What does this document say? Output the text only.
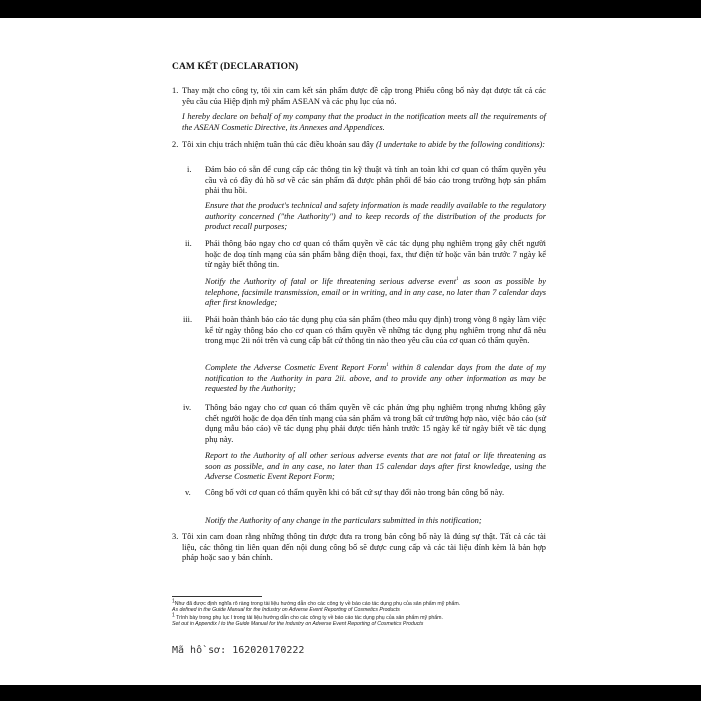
CAM KẾT (DECLARATION)
1. Thay mặt cho công ty, tôi xin cam kết sản phẩm được đề cập trong Phiếu công bố này đạt được tất cả các yêu cầu của Hiệp định mỹ phẩm ASEAN và các phụ lục của nó.
I hereby declare on behalf of my company that the product in the notification meets all the requirements of the ASEAN Cosmetic Directive, its Annexes and Appendices.
2. Tôi xin chịu trách nhiệm tuân thủ các điều khoản sau đây (I undertake to abide by the following conditions):
i. Đảm bảo có sẵn để cung cấp các thông tin kỹ thuật và tính an toàn khi cơ quan có thẩm quyền yêu cầu và có đầy đủ hồ sơ về các sản phẩm đã được phân phối để báo cáo trong trường hợp sản phẩm phải thu hồi.
Ensure that the product's technical and safety information is made readily available to the regulatory authority concerned ("the Authority") and to keep records of the distribution of the products for product recall purposes;
ii. Phải thông báo ngay cho cơ quan có thẩm quyền về các tác dụng phụ nghiêm trọng gây chết người hoặc đe doạ tính mạng của sản phẩm bằng điện thoại, fax, thư điện tử hoặc văn bản trước 7 ngày kể từ ngày biết thông tin.
Notify the Authority of fatal or life threatening serious adverse event$^1$ as soon as possible by telephone, facsimile transmission, email or in writing, and in any case, no later than 7 calendar days after first knowledge;
iii. Phải hoàn thành báo cáo tác dụng phụ của sản phẩm (theo mẫu quy định) trong vòng 8 ngày làm việc kể từ ngày thông báo cho cơ quan có thẩm quyền về những tác dụng phụ nghiêm trọng như đã nêu trong mục 2ii nói trên và cung cấp bất cứ thông tin nào theo yêu cầu của cơ quan có thẩm quyền.
Complete the Adverse Cosmetic Event Report Form$^1$ within 8 calendar days from the date of my notification to the Authority in para 2ii. above, and to provide any other information as may be requested by the Authority;
iv. Thông báo ngay cho cơ quan có thẩm quyền về các phản ứng phụ nghiêm trọng nhưng không gây chết người hoặc đe dọa đến tính mạng của sản phẩm và trong bất cứ trường hợp nào, việc báo cáo (sử dụng mẫu báo cáo) về tác dụng phụ phải được tiến hành trước 15 ngày kể từ ngày biết về tác dụng phụ này.
Report to the Authority of all other serious adverse events that are not fatal or life threatening as soon as possible, and in any case, no later than 15 calendar days after first knowledge, using the Adverse Cosmetic Event Report Form;
v. Công bố với cơ quan có thẩm quyền khi có bất cứ sự thay đổi nào trong bản công bố này.
Notify the Authority of any change in the particulars submitted in this notification;
3. Tôi xin cam đoan rằng những thông tin được đưa ra trong bản công bố này là đúng sự thật. Tất cả các tài liệu, các thông tin liên quan đến nội dung công bố sẽ được cung cấp và các tài liệu đính kèm là bản hợp pháp hoặc sao y bản chính.
$^1$Như đã được định nghĩa rõ ràng trong tài liệu hướng dẫn cho các công ty về báo cáo tác dụng phụ của sản phẩm mỹ phẩm.
As defined in the Guide Manual for the Industry on Adverse Event Reporting of Cosmetics Products
$^1$ Trình bày trong phụ lục I trong tài liệu hướng dẫn cho các công ty về báo cáo tác dụng phụ của sản phẩm mỹ phẩm.
Set out in Appendix I to the Guide Manual for the Industry on Adverse Event Reporting of Cosmetics Products
Mã hồ sơ: 162020170222
